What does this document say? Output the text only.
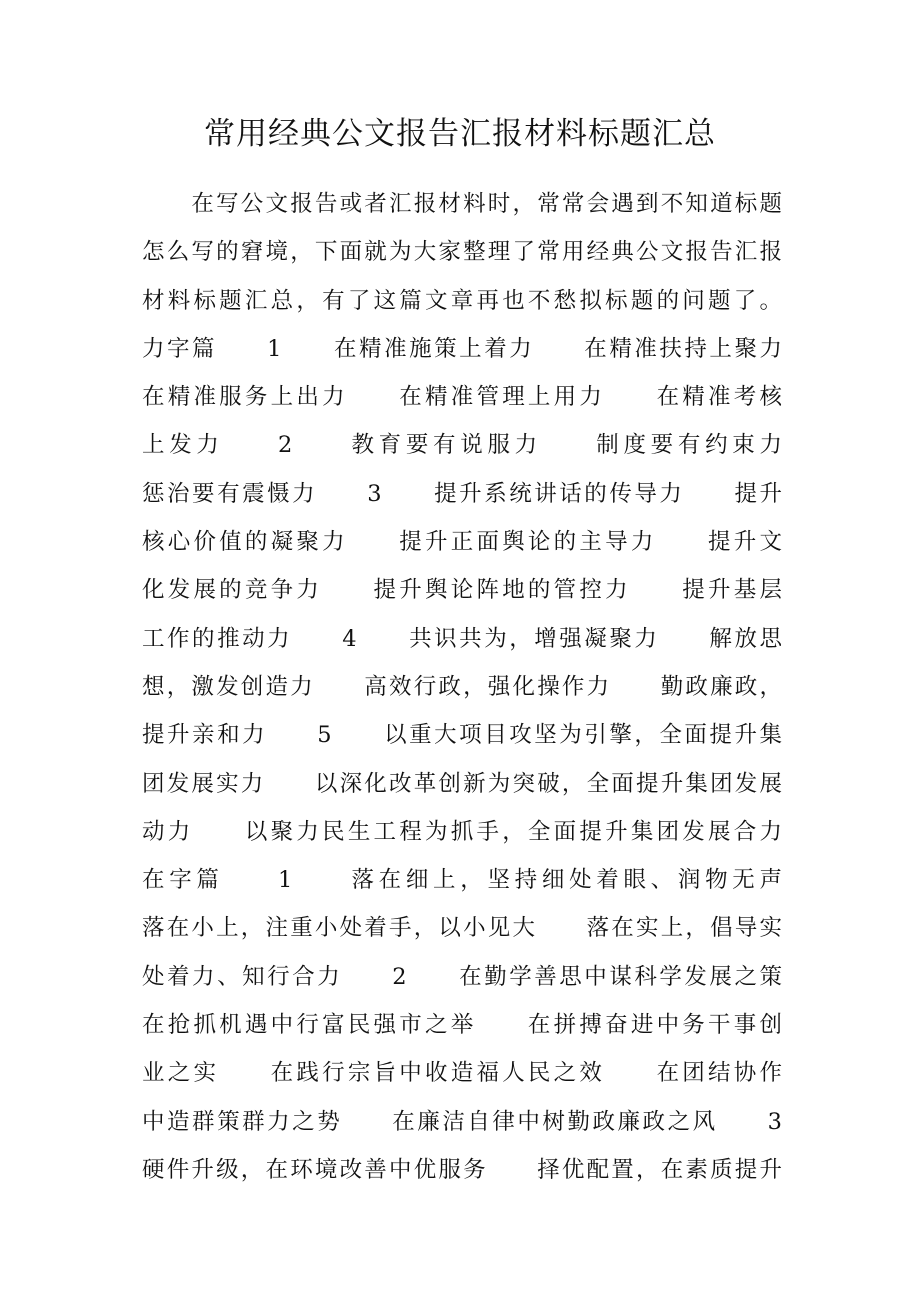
常用经典公文报告汇报材料标题汇总
　　在写公文报告或者汇报材料时，常常会遇到不知道标题
怎么写的窘境，下面就为大家整理了常用经典公文报告汇报
材料标题汇总，有了这篇文章再也不愁拟标题的问题了。
力字篇　　1　　在精准施策上着力　　在精准扶持上聚力
在精准服务上出力　　在精准管理上用力　　在精准考核
上发力　　2　　教育要有说服力　　制度要有约束力
惩治要有震慑力　　3　　提升系统讲话的传导力　　提升
核心价值的凝聚力　　提升正面舆论的主导力　　提升文
化发展的竞争力　　提升舆论阵地的管控力　　提升基层
工作的推动力　　4　　共识共为，增强凝聚力　　解放思
想，激发创造力　　高效行政，强化操作力　　勤政廉政，
提升亲和力　　5　　以重大项目攻坚为引擎，全面提升集
团发展实力　　以深化改革创新为突破，全面提升集团发展
动力　　以聚力民生工程为抓手，全面提升集团发展合力
在字篇　　1　　落在细上，坚持细处着眼、润物无声
落在小上，注重小处着手，以小见大　　落在实上，倡导实
处着力、知行合力　　2　　在勤学善思中谋科学发展之策
在抢抓机遇中行富民强市之举　　在拼搏奋进中务干事创
业之实　　在践行宗旨中收造福人民之效　　在团结协作
中造群策群力之势　　在廉洁自律中树勤政廉政之风　　3
硬件升级，在环境改善中优服务　　择优配置，在素质提升
